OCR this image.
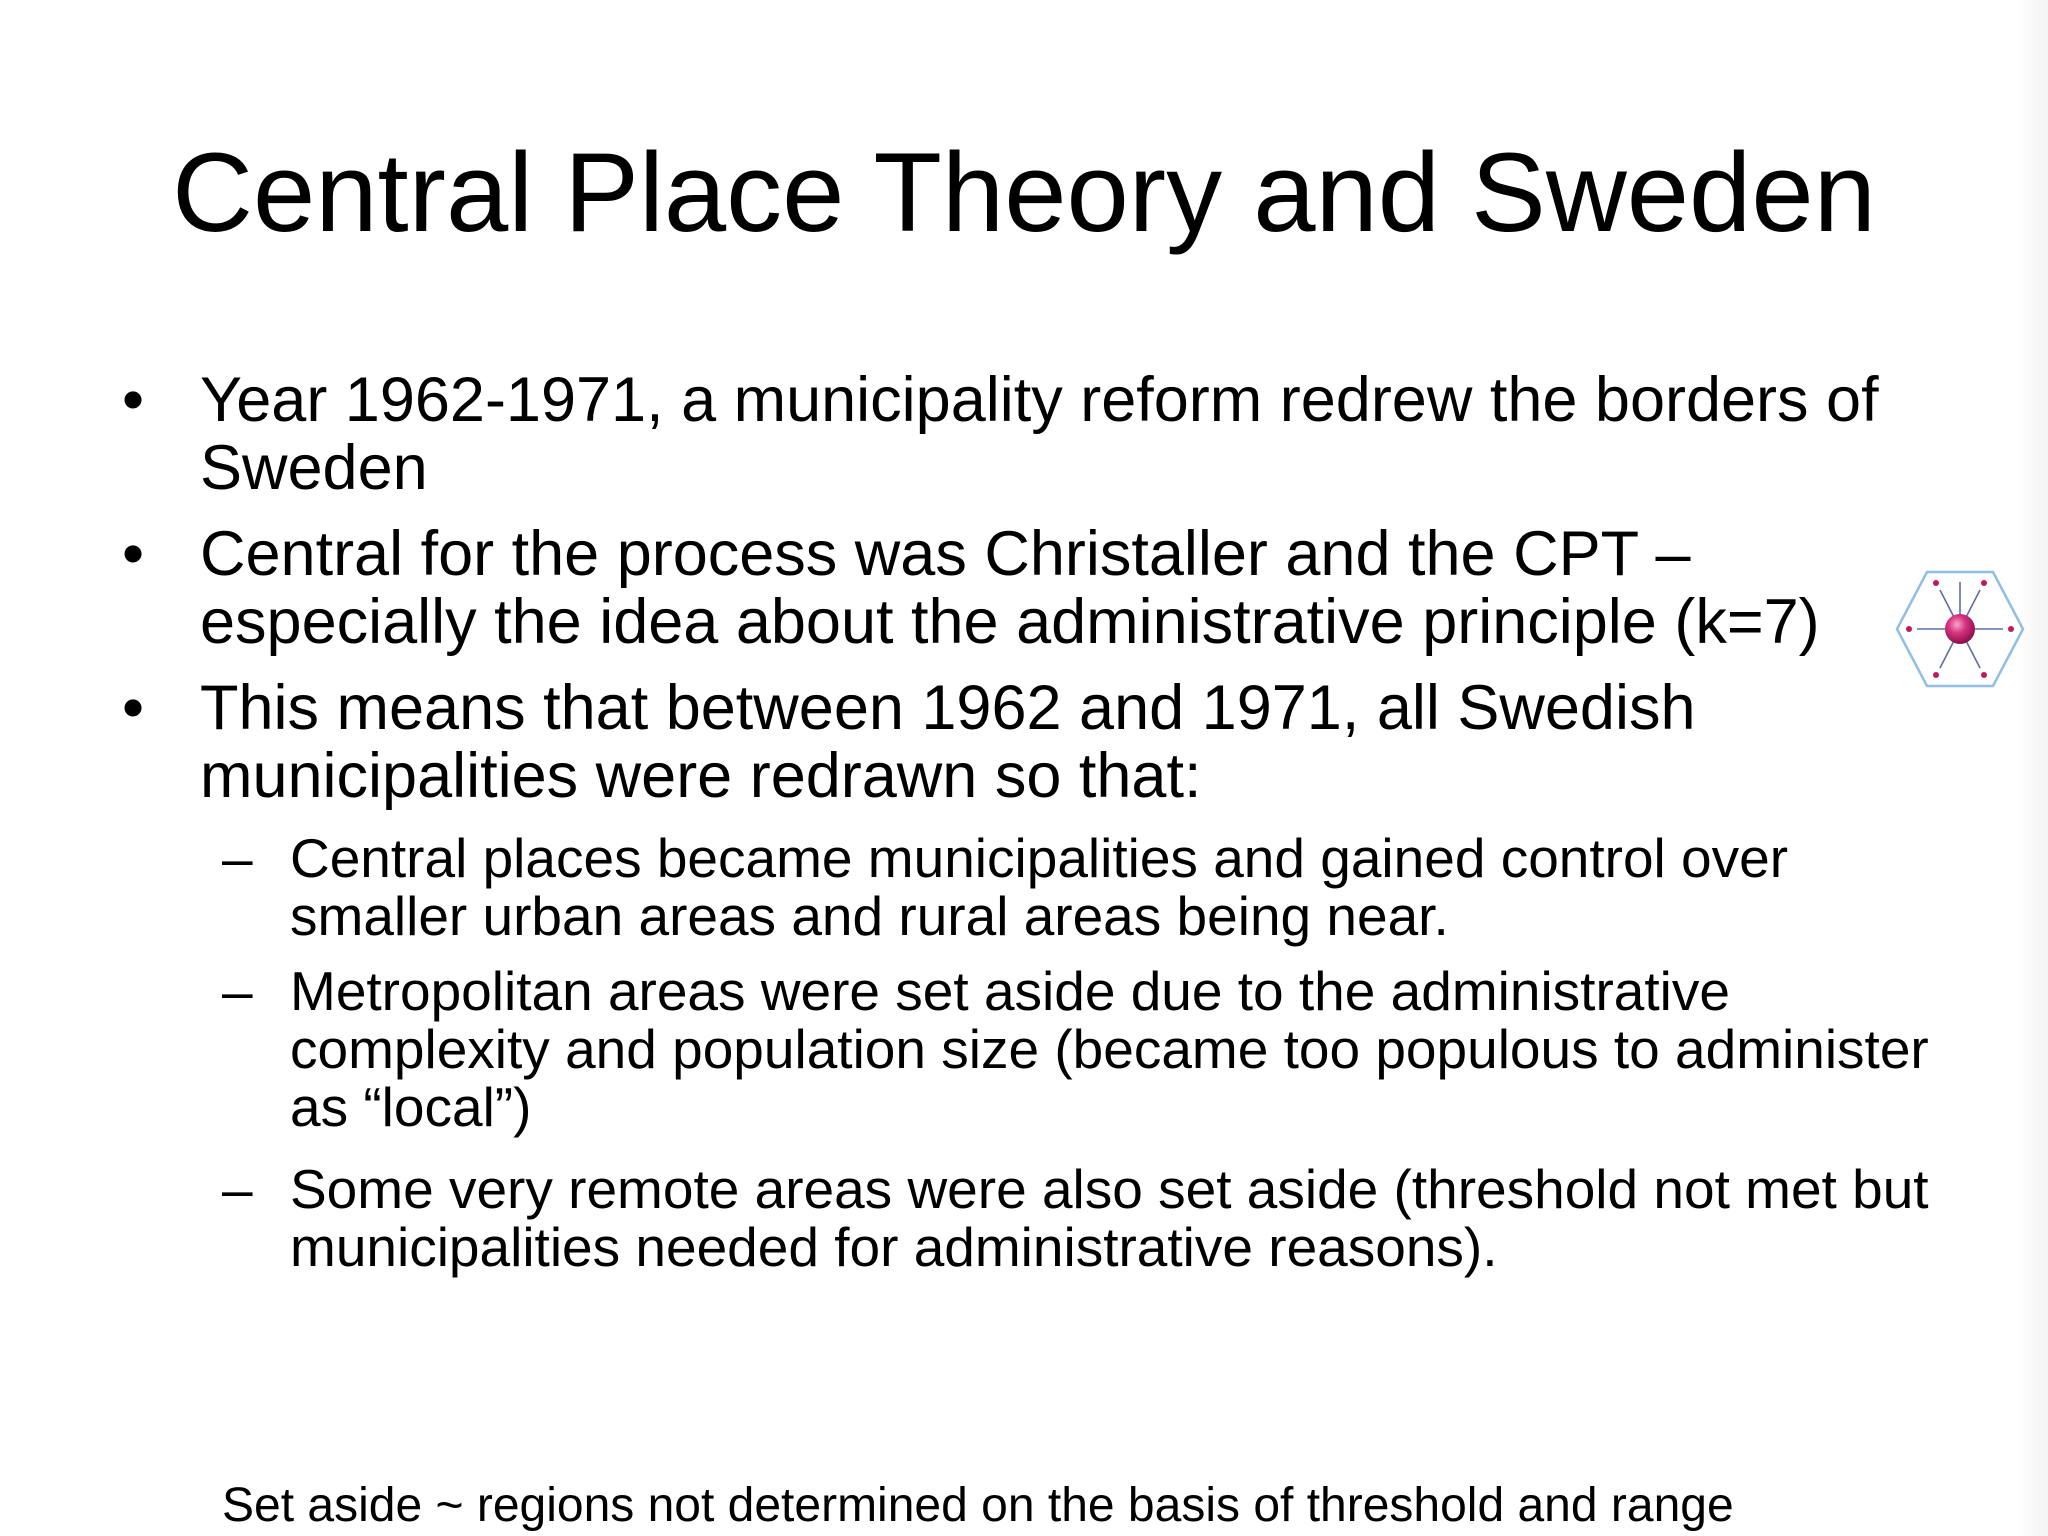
Central Place Theory and Sweden
• Year 1962-1971, a municipality reform redrew the borders of Sweden
• Central for the process was Christaller and the CPT – especially the idea about the administrative principle (k=7)
• This means that between 1962 and 1971, all Swedish municipalities were redrawn so that:
– Central places became municipalities and gained control over smaller urban areas and rural areas being near.
– Metropolitan areas were set aside due to the administrative complexity and population size (became too populous to administer as “local”)
– Some very remote areas were also set aside (threshold not met but municipalities needed for administrative reasons).
Set aside ~ regions not determined on the basis of threshold and range
